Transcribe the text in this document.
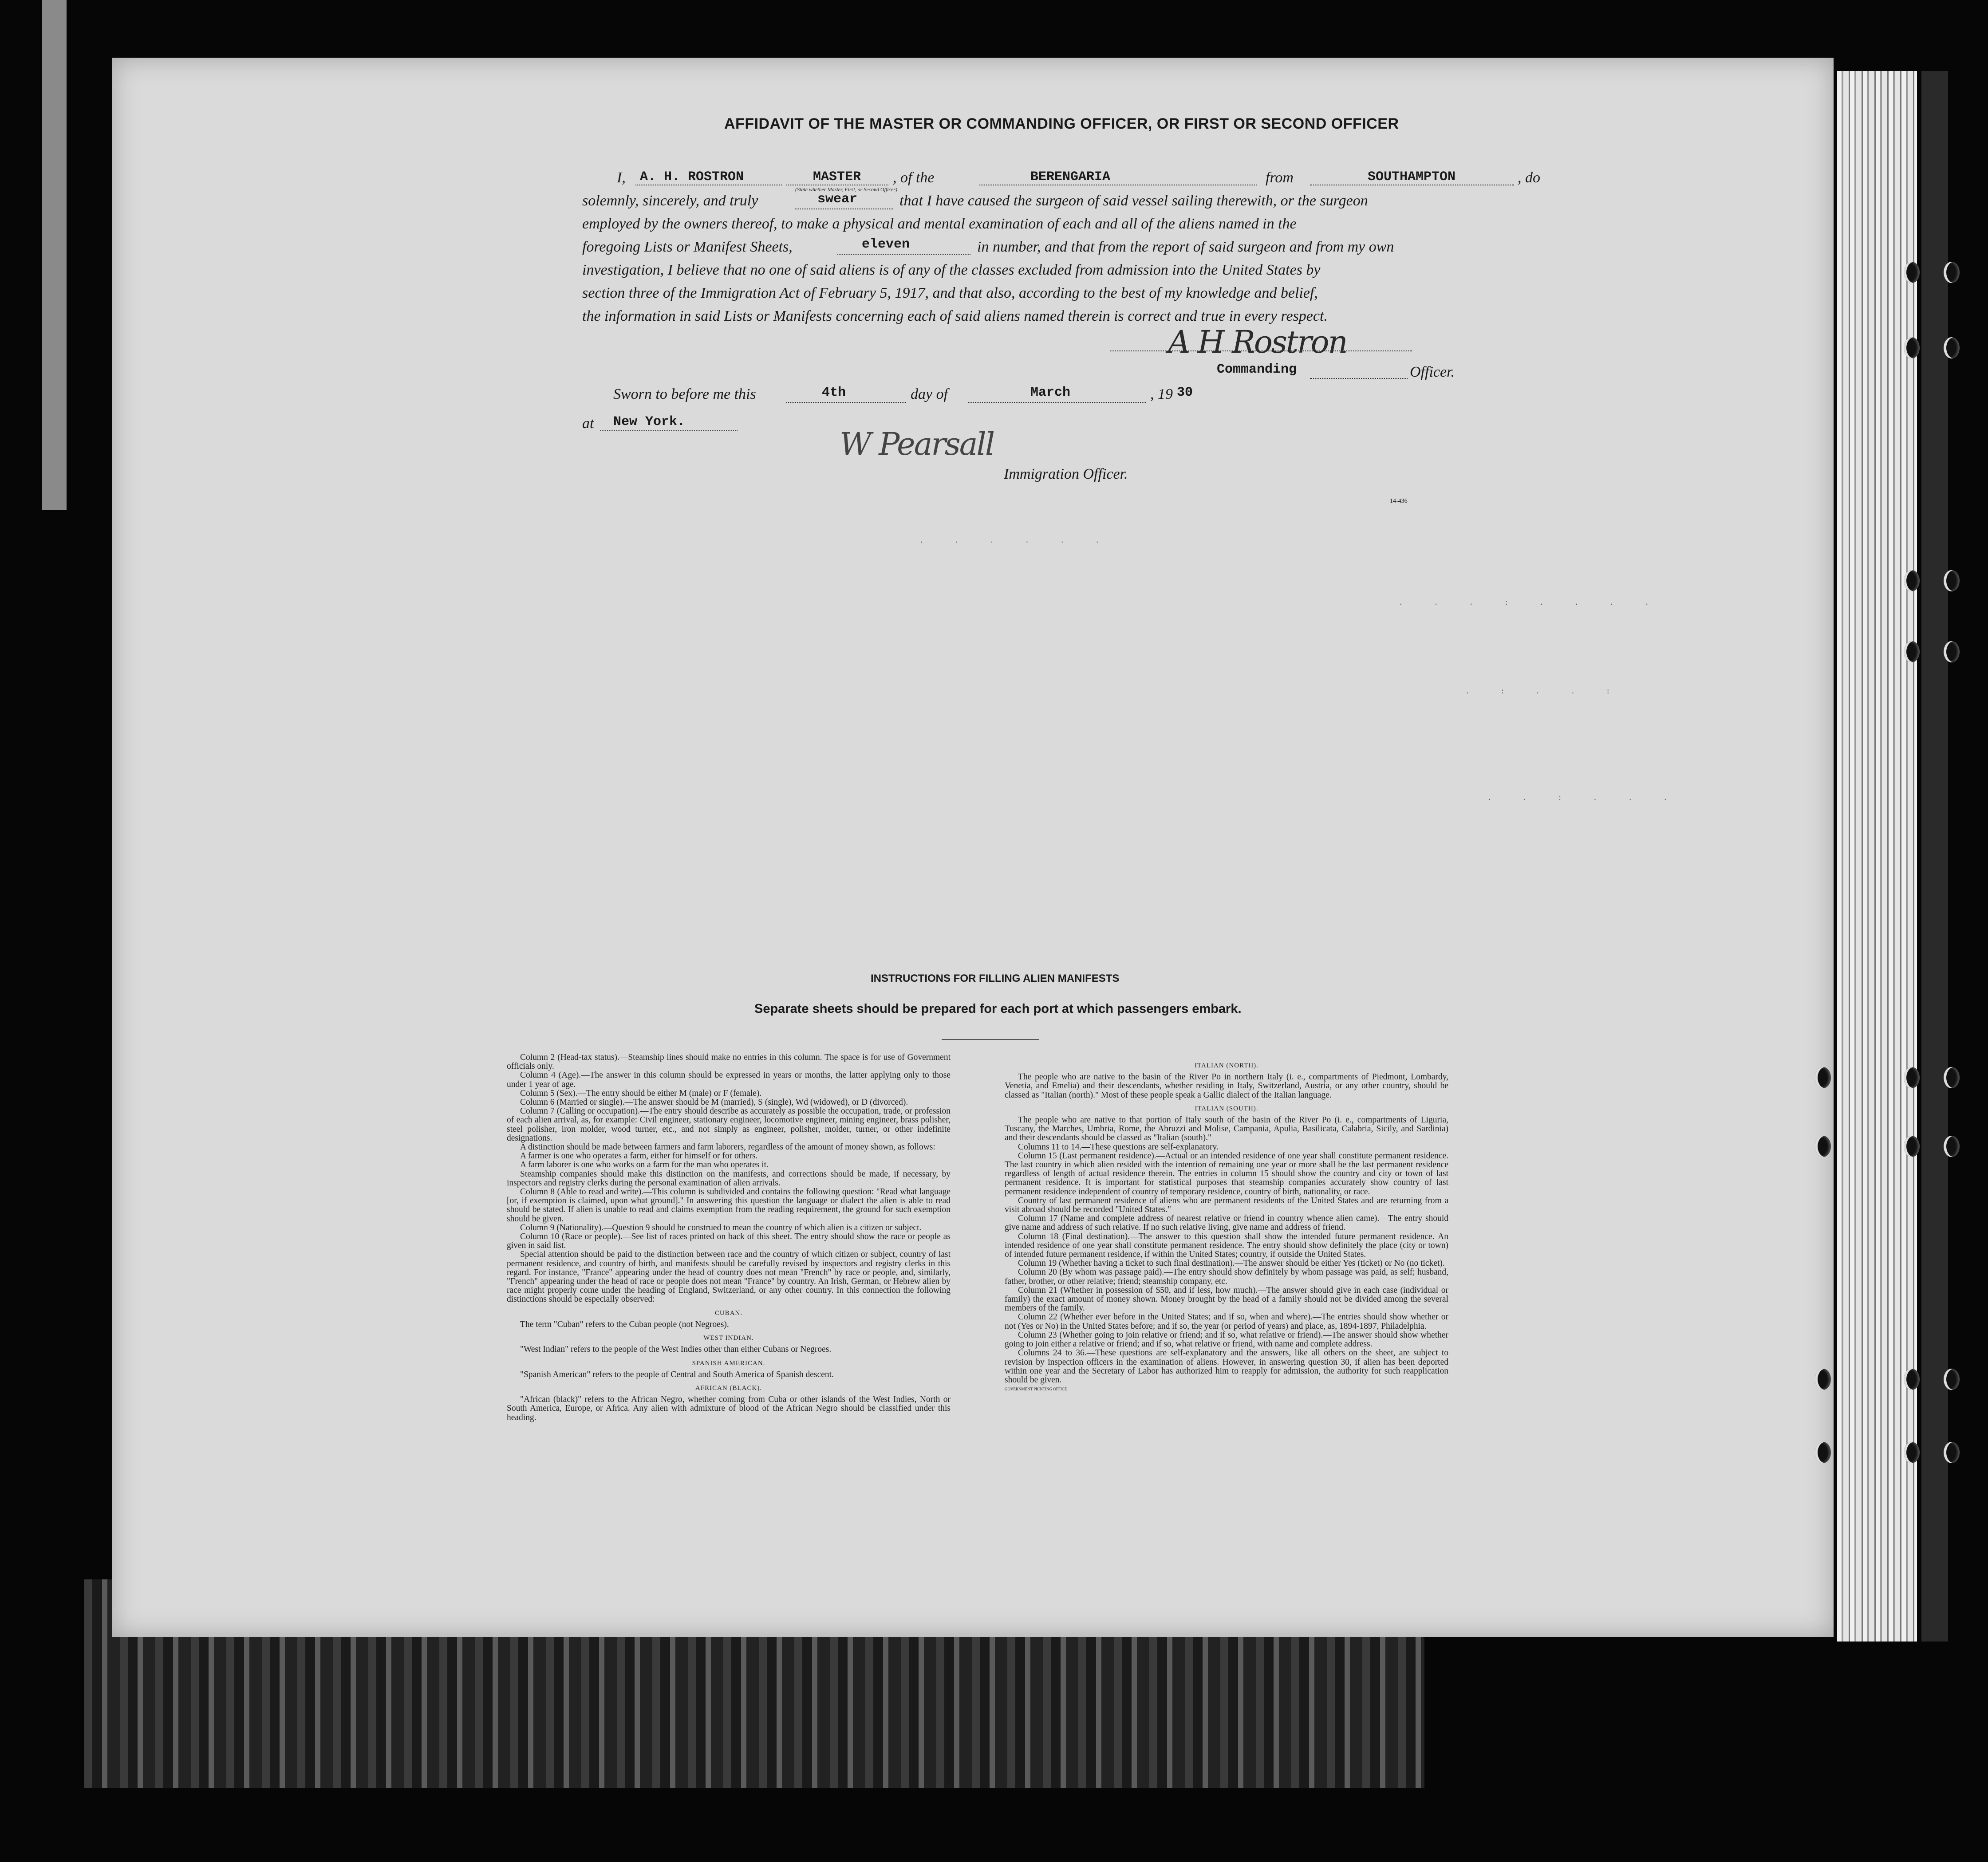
AFFIDAVIT OF THE MASTER OR COMMANDING OFFICER, OR FIRST OR SECOND OFFICER
I, A. H. ROSTRON	MASTER
(State whether Master, First, or Second Officer)
, of the	BERENGARIA	from	SOUTHAMPTON	, do
solemnly, sincerely, and truly	swear	that I have caused the surgeon of said vessel sailing therewith, or the surgeon
employed by the owners thereof, to make a physical and mental examination of each and all of the aliens named in the
foregoing Lists or Manifest Sheets,	eleven	in number, and that from the report of said surgeon and from my own
investigation, I believe that no one of said aliens is of any of the classes excluded from admission into the United States by
section three of the Immigration Act of February 5, 1917, and that also, according to the best of my knowledge and belief,
the information in said Lists or Manifests concerning each of said aliens named therein is correct and true in every respect.
A H Rostron
Commanding	Officer.
Sworn to before me this	4th	day of	March	, 19 30
at New York.
W Pearsall
Immigration Officer.
14-436
. . . . . .
. . . : . . . .
. : . . :
. . : . . .
INSTRUCTIONS FOR FILLING ALIEN MANIFESTS
Separate sheets should be prepared for each port at which passengers embark.

Column 2 (Head-tax status).—Steamship lines should make no entries in this column. The space is for use of Government officials only.

Column 4 (Age).—The answer in this column should be expressed in years or months, the latter applying only to those under 1 year of age.

Column 5 (Sex).—The entry should be either M (male) or F (female).

Column 6 (Married or single).—The answer should be M (married), S (single), Wd (widowed), or D (divorced).

Column 7 (Calling or occupation).—The entry should describe as accurately as possible the occupation, trade, or profession of each alien arrival, as, for example: Civil engineer, stationary engineer, locomotive engineer, mining engineer, brass polisher, steel polisher, iron molder, wood turner, etc., and not simply as engineer, polisher, molder, turner, or other indefinite designations.

A distinction should be made between farmers and farm laborers, regardless of the amount of money shown, as follows:

A farmer is one who operates a farm, either for himself or for others.

A farm laborer is one who works on a farm for the man who operates it.

Steamship companies should make this distinction on the manifests, and corrections should be made, if necessary, by inspectors and registry clerks during the personal examination of alien arrivals.

Column 8 (Able to read and write).—This column is subdivided and contains the following question: "Read what language [or, if exemption is claimed, upon what ground]." In answering this question the language or dialect the alien is able to read should be stated. If alien is unable to read and claims exemption from the reading requirement, the ground for such exemption should be given.

Column 9 (Nationality).—Question 9 should be construed to mean the country of which alien is a citizen or subject.

Column 10 (Race or people).—See list of races printed on back of this sheet. The entry should show the race or people as given in said list.

Special attention should be paid to the distinction between race and the country of which citizen or subject, country of last permanent residence, and country of birth, and manifests should be carefully revised by inspectors and registry clerks in this regard. For instance, "France" appearing under the head of country does not mean "French" by race or people, and, similarly, "French" appearing under the head of race or people does not mean "France" by country. An Irish, German, or Hebrew alien by race might properly come under the heading of England, Switzerland, or any other country. In this connection the following distinctions should be especially observed:

CUBAN.

The term "Cuban" refers to the Cuban people (not Negroes).

WEST INDIAN.

"West Indian" refers to the people of the West Indies other than either Cubans or Negroes.

SPANISH AMERICAN.

"Spanish American" refers to the people of Central and South America of Spanish descent.

AFRICAN (BLACK).

"African (black)" refers to the African Negro, whether coming from Cuba or other islands of the West Indies, North or South America, Europe, or Africa. Any alien with admixture of blood of the African Negro should be classified under this heading.

ITALIAN (NORTH).

The people who are native to the basin of the River Po in northern Italy (i. e., compartments of Piedmont, Lombardy, Venetia, and Emelia) and their descendants, whether residing in Italy, Switzerland, Austria, or any other country, should be classed as "Italian (north)." Most of these people speak a Gallic dialect of the Italian language.

ITALIAN (SOUTH).

The people who are native to that portion of Italy south of the basin of the River Po (i. e., compartments of Liguria, Tuscany, the Marches, Umbria, Rome, the Abruzzi and Molise, Campania, Apulia, Basilicata, Calabria, Sicily, and Sardinia) and their descendants should be classed as "Italian (south)."

Columns 11 to 14.—These questions are self-explanatory.

Column 15 (Last permanent residence).—Actual or an intended residence of one year shall constitute permanent residence. The last country in which alien resided with the intention of remaining one year or more shall be the last permanent residence regardless of length of actual residence therein. The entries in column 15 should show the country and city or town of last permanent residence. It is important for statistical purposes that steamship companies accurately show country of last permanent residence independent of country of temporary residence, country of birth, nationality, or race.

Country of last permanent residence of aliens who are permanent residents of the United States and are returning from a visit abroad should be recorded "United States."

Column 17 (Name and complete address of nearest relative or friend in country whence alien came).—The entry should give name and address of such relative. If no such relative living, give name and address of friend.

Column 18 (Final destination).—The answer to this question shall show the intended future permanent residence. An intended residence of one year shall constitute permanent residence. The entry should show definitely the place (city or town) of intended future permanent residence, if within the United States; country, if outside the United States.

Column 19 (Whether having a ticket to such final destination).—The answer should be either Yes (ticket) or No (no ticket).

Column 20 (By whom was passage paid).—The entry should show definitely by whom passage was paid, as self; husband, father, brother, or other relative; friend; steamship company, etc.

Column 21 (Whether in possession of $50, and if less, how much).—The answer should give in each case (individual or family) the exact amount of money shown. Money brought by the head of a family should not be divided among the several members of the family.

Column 22 (Whether ever before in the United States; and if so, when and where).—The entries should show whether or not (Yes or No) in the United States before; and if so, the year (or period of years) and place, as, 1894-1897, Philadelphia.

Column 23 (Whether going to join relative or friend; and if so, what relative or friend).—The answer should show whether going to join either a relative or friend; and if so, what relative or friend, with name and complete address.

Columns 24 to 36.—These questions are self-explanatory and the answers, like all others on the sheet, are subject to revision by inspection officers in the examination of aliens. However, in answering question 30, if alien has been deported within one year and the Secretary of Labor has authorized him to reapply for admission, the authority for such reapplication should be given.

GOVERNMENT PRINTING OFFICE
